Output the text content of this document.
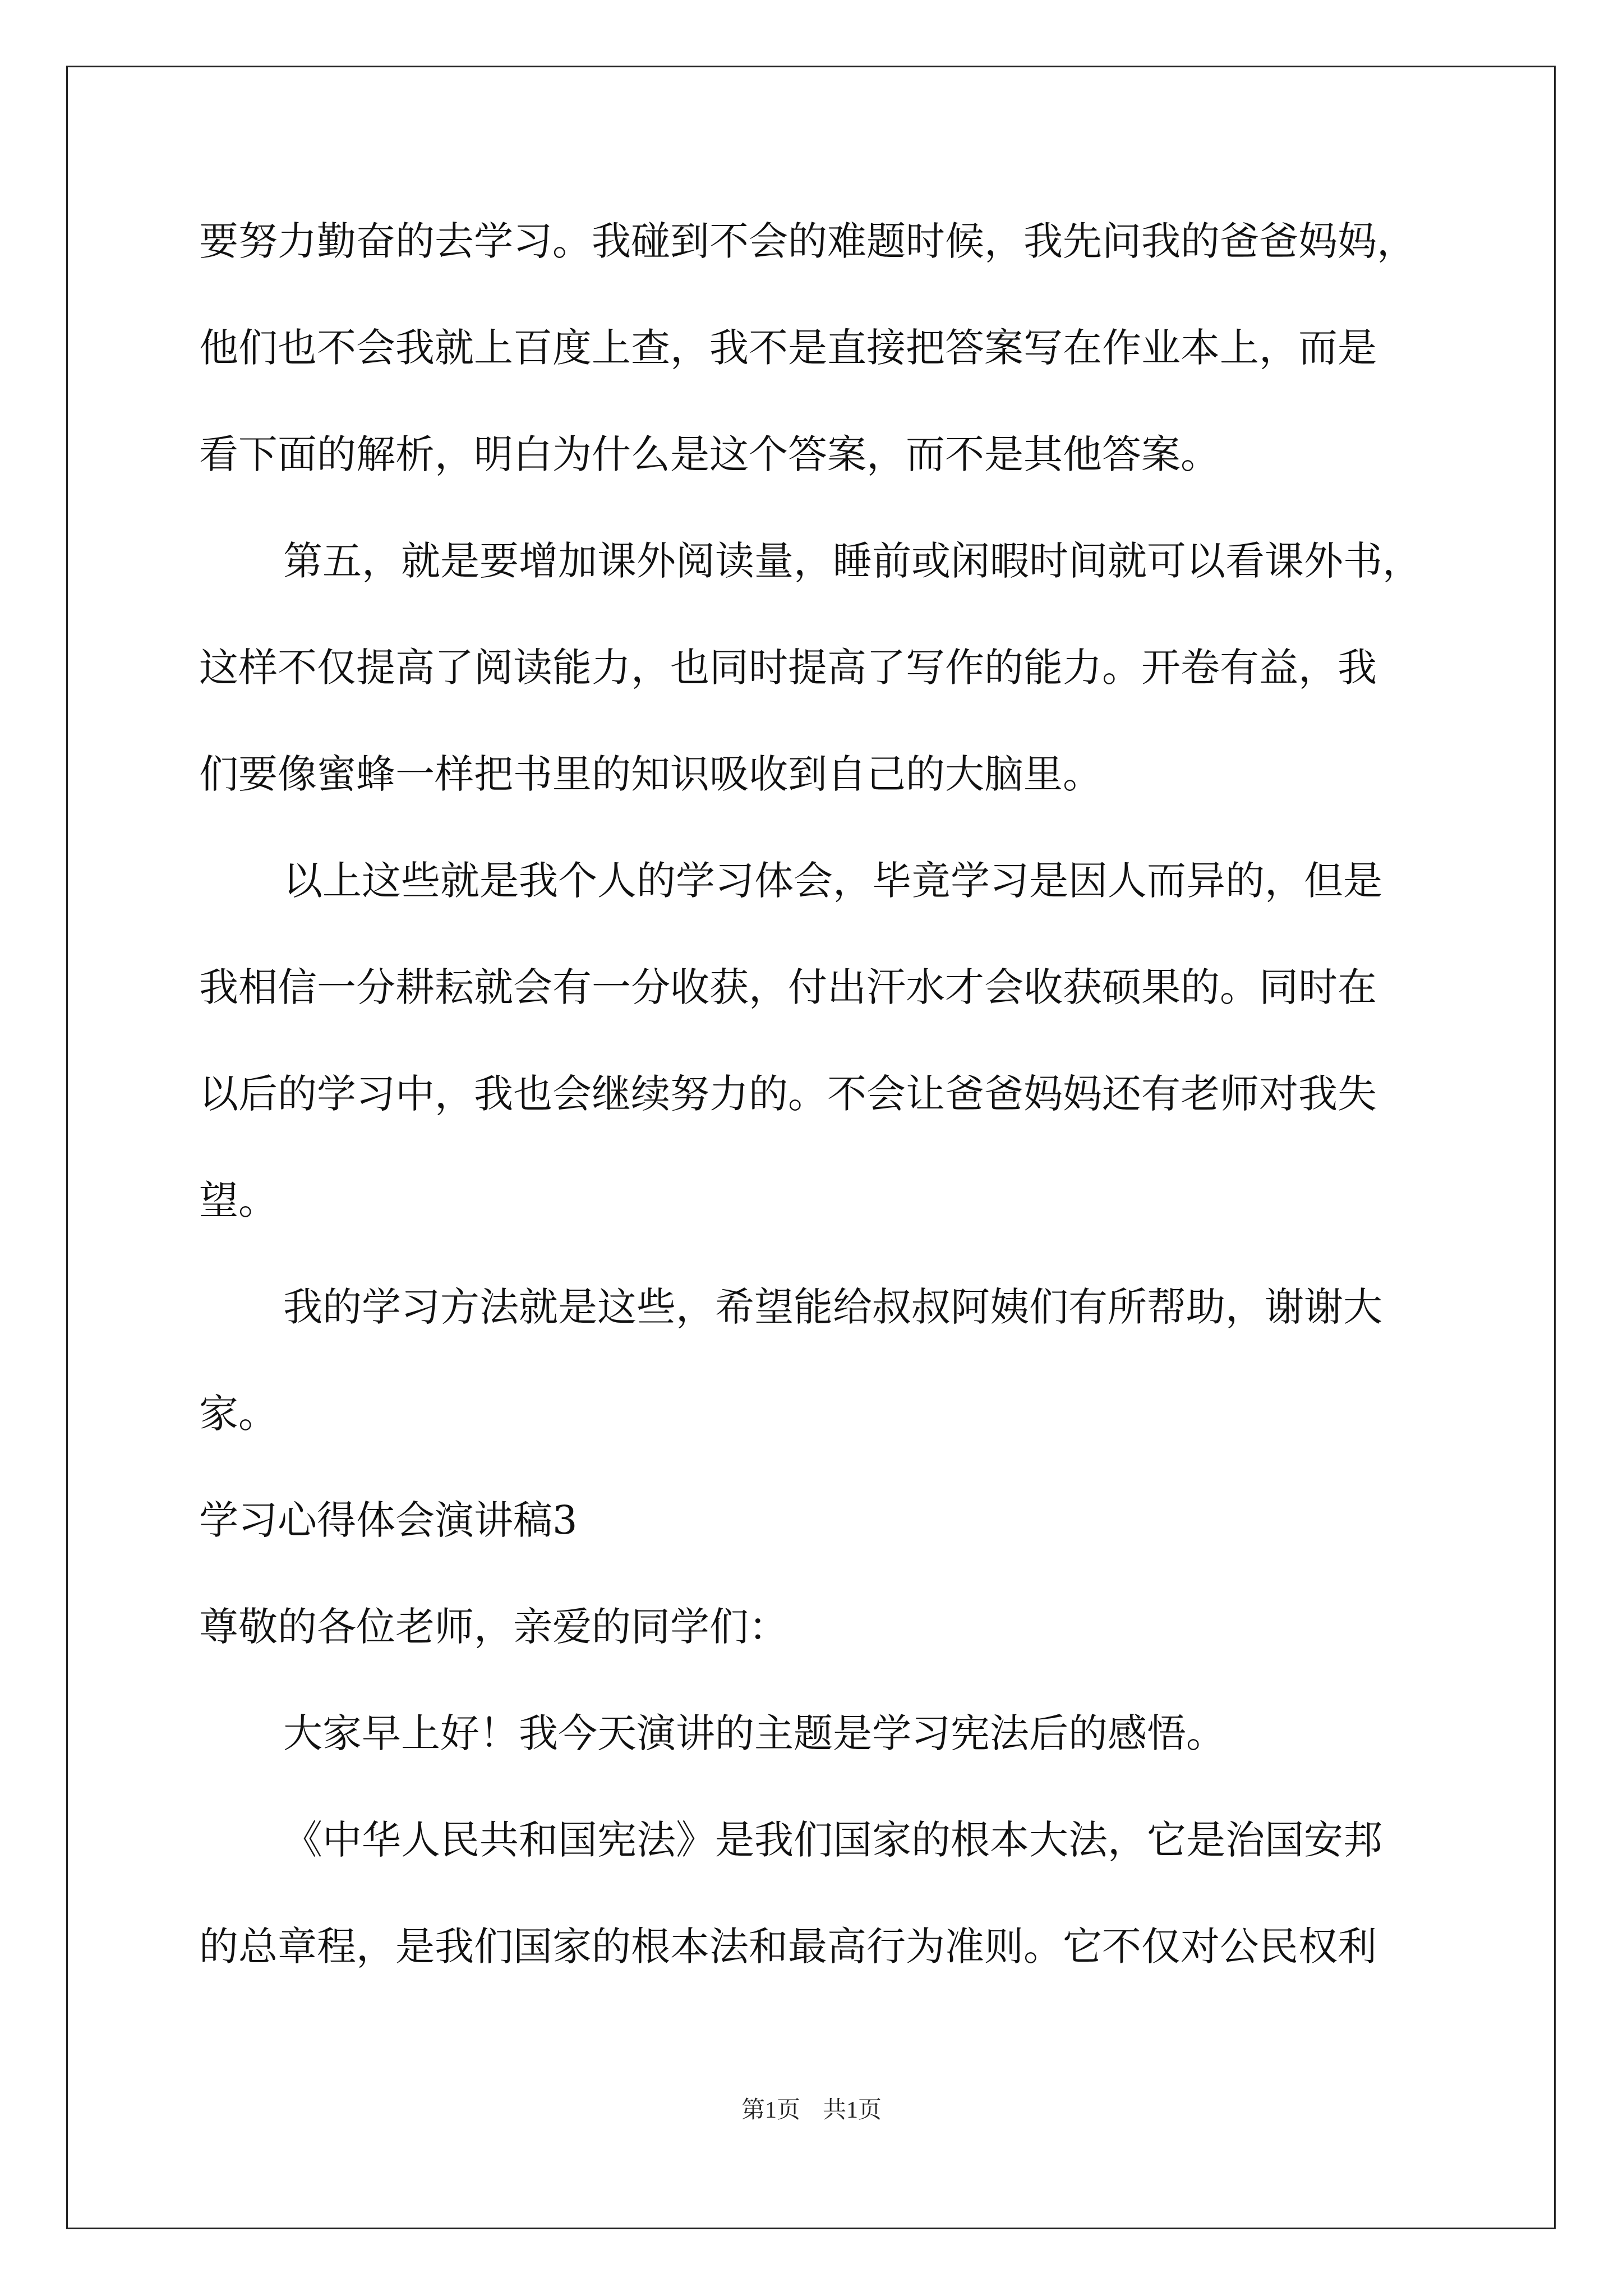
要努力勤奋的去学习。我碰到不会的难题时候，我先问我的爸爸妈妈，
他们也不会我就上百度上查，我不是直接把答案写在作业本上，而是
看下面的解析，明白为什么是这个答案，而不是其他答案。
第五，就是要增加课外阅读量，睡前或闲暇时间就可以看课外书，
这样不仅提高了阅读能力，也同时提高了写作的能力。开卷有益，我
们要像蜜蜂一样把书里的知识吸收到自己的大脑里。
以上这些就是我个人的学习体会，毕竟学习是因人而异的，但是
我相信一分耕耘就会有一分收获，付出汗水才会收获硕果的。同时在
以后的学习中，我也会继续努力的。不会让爸爸妈妈还有老师对我失
望。
我的学习方法就是这些，希望能给叔叔阿姨们有所帮助，谢谢大
家。
学习心得体会演讲稿3
尊敬的各位老师，亲爱的同学们：
大家早上好！我今天演讲的主题是学习宪法后的感悟。
《中华人民共和国宪法》是我们国家的根本大法，它是治国安邦
的总章程，是我们国家的根本法和最高行为准则。它不仅对公民权利
第1页 共1页
